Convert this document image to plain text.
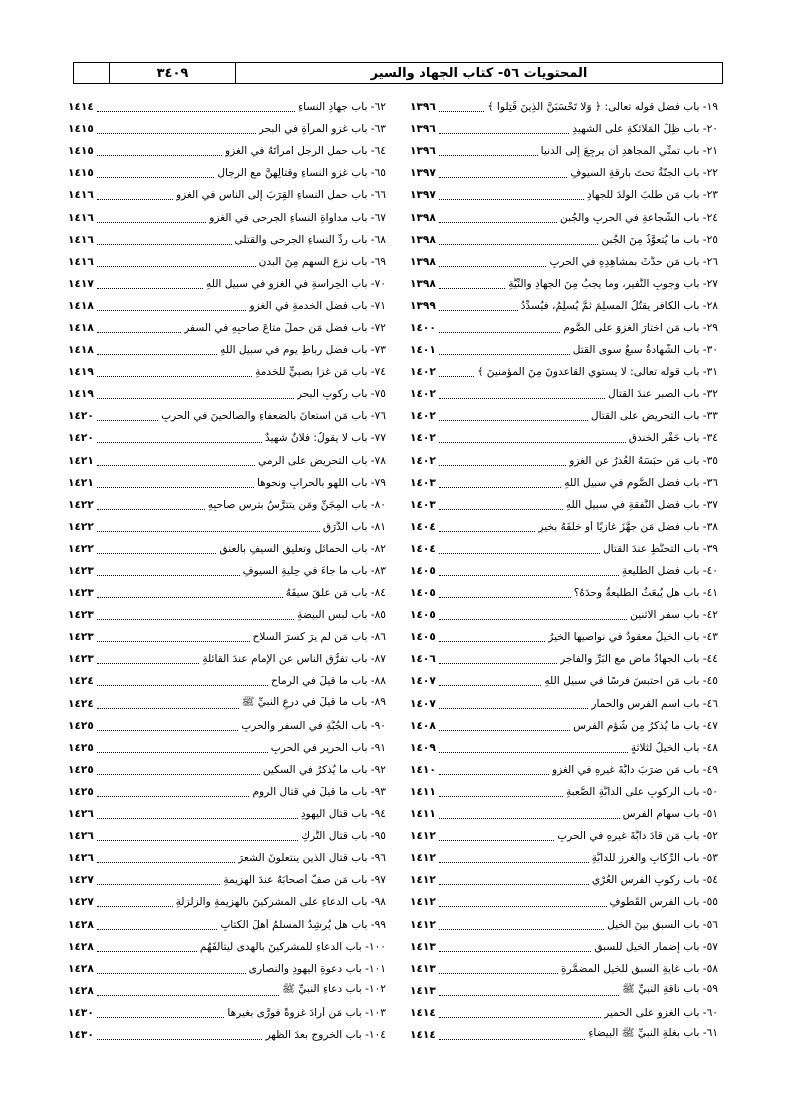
٣٤٠٩	المحتويات ٥٦- كتاب الجهاد والسير
١٩- باب فضل قوله تعالى: ﴿ وَلَا تَحْسَبَنَّ الَّذِينَ قُتِلُوا ﴾
١٣٩٦
٢٠- باب ظِلِّ المَلائكةِ على الشهيدِ
١٣٩٦
٢١- باب تمنِّي المجاهدِ أن يرجِعَ إلى الدنيا
١٣٩٦
٢٢- باب الجنّةُ تحتَ بارقةِ السيوفِ
١٣٩٧
٢٣- باب مَن طلبَ الولدَ للجهادِ
١٣٩٧
٢٤- باب الشَّجاعةِ في الحربِ والجُبنِ
١٣٩٨
٢٥- باب ما يُتعوَّذُ مِنَ الجُبنِ
١٣٩٨
٢٦- باب مَن حدَّثَ بمشاهِدِهِ في الحربِ
١٣٩٨
٢٧- باب وجوبِ النَّفيرِ، وما يجبُ مِنَ الجهادِ والنِّيَّةِ
١٣٩٨
٢٨- باب الكافرِ يقتُلُ المسلِمَ ثمَّ يُسلِمُ، فيُسدِّدُ
١٣٩٩
٢٩- باب مَن اختارَ الغزوَ على الصَّومِ
١٤٠٠
٣٠- باب الشَّهادةُ سبعٌ سوى القتلِ
١٤٠١
٣١- باب قوله تعالى: لا يستوي القاعدونَ مِنَ المؤمنينَ ﴾
١٤٠٢
٣٢- باب الصبرِ عندَ القتالِ
١٤٠٢
٣٣- باب التحريضِ على القتالِ
١٤٠٢
٣٤- باب حَفْرِ الخندقِ
١٤٠٢
٣٥- باب مَن حبَسَهُ العُذرُ عن الغزوِ
١٤٠٢
٣٦- باب فضلِ الصَّومِ في سبيلِ اللهِ
١٤٠٣
٣٧- باب فضلِ النَّفقةِ في سبيلِ اللهِ
١٤٠٣
٣٨- باب فضلِ مَن جهَّزَ غازيًا أو خلَفَهُ بخيرٍ
١٤٠٤
٣٩- باب التحنُّطِ عندَ القتالِ
١٤٠٤
٤٠- باب فضلِ الطَّليعةِ
١٤٠٥
٤١- باب هل يُبعَثُ الطليعةُ وحدَهُ؟
١٤٠٥
٤٢- باب سفرِ الاثنينِ
١٤٠٥
٤٣- باب الخيلُ معقودٌ في نواصيها الخيرُ
١٤٠٥
٤٤- باب الجهادُ ماضٍ مع البَرِّ والفاجرِ
١٤٠٦
٤٥- باب مَن احتبسَ فرسًا في سبيلِ اللهِ
١٤٠٧
٤٦- باب اسمِ الفرسِ والحمارِ
١٤٠٧
٤٧- باب ما يُذكرُ مِن شُؤمِ الفرسِ
١٤٠٨
٤٨- باب الخيلُ لثلاثةٍ
١٤٠٩
٤٩- باب مَن ضرَبَ دابَّةَ غيرِهِ في الغزوِ
١٤١٠
٥٠- باب الركوبِ على الدابَّةِ الصَّعبةِ
١٤١١
٥١- باب سهامِ الفرسِ
١٤١١
٥٢- باب مَن قادَ دابَّةَ غيرِهِ في الحربِ
١٤١٢
٥٣- باب الرِّكابِ والغرزِ للدابَّةِ
١٤١٢
٥٤- باب ركوبِ الفرسِ العُرْيِ
١٤١٢
٥٥- باب الفرسِ القَطوفِ
١٤١٢
٥٦- باب السبقِ بينَ الخيلِ
١٤١٢
٥٧- باب إضمارِ الخيلِ للسبقِ
١٤١٣
٥٨- باب غايةِ السبقِ للخيلِ المضمَّرةِ
١٤١٣
٥٩- باب ناقةِ النبيِّ ﷺ
١٤١٣
٦٠- باب الغزوِ على الحميرِ
١٤١٤
٦١- باب بغلةِ النبيِّ ﷺ البيضاءِ
١٤١٤
٦٢- باب جهادِ النساءِ
١٤١٤
٦٣- باب غزوِ المرأةِ في البحرِ
١٤١٥
٦٤- باب حملِ الرجلِ امرأتَهُ في الغزوِ
١٤١٥
٦٥- باب غزوِ النساءِ وقتالِهنَّ مع الرجالِ
١٤١٥
٦٦- باب حملِ النساءِ القِرَبَ إلى الناسِ في الغزوِ
١٤١٦
٦٧- باب مداواةِ النساءِ الجرحى في الغزوِ
١٤١٦
٦٨- باب ردِّ النساءِ الجرحى والقتلى
١٤١٦
٦٩- باب نزعِ السهمِ مِنَ البدنِ
١٤١٦
٧٠- باب الحِراسةِ في الغزوِ في سبيلِ اللهِ
١٤١٧
٧١- باب فضلِ الخدمةِ في الغزوِ
١٤١٨
٧٢- باب فضلِ مَن حملَ متاعَ صاحبِهِ في السفرِ
١٤١٨
٧٣- باب فضلِ رباطِ يومٍ في سبيلِ اللهِ
١٤١٨
٧٤- باب مَن غزا بصبيٍّ للخدمةِ
١٤١٩
٧٥- باب ركوبِ البحرِ
١٤١٩
٧٦- باب مَن استعانَ بالضعفاءِ والصالحينَ في الحربِ
١٤٢٠
٧٧- باب لا يقولُ: فلانٌ شهيدٌ
١٤٢٠
٧٨- باب التحريضِ على الرميِ
١٤٢١
٧٩- باب اللهوِ بالحرابِ ونحوِها
١٤٢١
٨٠- باب المِجَنِّ ومَن يتترَّسُ بترسِ صاحبِهِ
١٤٢٢
٨١- باب الدَّرَقِ
١٤٢٢
٨٢- باب الحمائلِ وتعليقِ السيفِ بالعنقِ
١٤٢٢
٨٣- باب ما جاءَ في حِليةِ السيوفِ
١٤٢٣
٨٤- باب مَن علَّقَ سيفَهُ
١٤٢٣
٨٥- باب لُبسِ البيضةِ
١٤٢٣
٨٦- باب مَن لم يرَ كسرَ السلاحِ
١٤٢٣
٨٧- باب تفرُّقِ الناسِ عن الإمامِ عندَ القائلةِ
١٤٢٣
٨٨- باب ما قيلَ في الرماحِ
١٤٢٤
٨٩- باب ما قيلَ في درعِ النبيِّ ﷺ
١٤٢٤
٩٠- باب الجُبَّةِ في السفرِ والحربِ
١٤٢٥
٩١- باب الحريرِ في الحربِ
١٤٢٥
٩٢- باب ما يُذكرُ في السكينِ
١٤٢٥
٩٣- باب ما قيلَ في قتالِ الرومِ
١٤٢٥
٩٤- باب قتالِ اليهودِ
١٤٢٦
٩٥- باب قتالِ التُّركِ
١٤٢٦
٩٦- باب قتالِ الذين ينتعلونَ الشعرَ
١٤٢٦
٩٧- باب مَن صفَّ أصحابَهُ عندَ الهزيمةِ
١٤٢٧
٩٨- باب الدعاءِ على المشركينَ بالهزيمةِ والزلزلةِ
١٤٢٧
٩٩- باب هل يُرشِدُ المسلمُ أهلَ الكتابِ
١٤٢٨
١٠٠- باب الدعاءِ للمشركينَ بالهدى ليتألَّفَهُم
١٤٢٨
١٠١- باب دعوةِ اليهودِ والنصارى
١٤٢٨
١٠٢- باب دعاءِ النبيِّ ﷺ
١٤٢٨
١٠٣- باب مَن أرادَ غزوةً فورَّى بغيرِها
١٤٣٠
١٠٤- باب الخروجِ بعدَ الظهرِ
١٤٣٠
